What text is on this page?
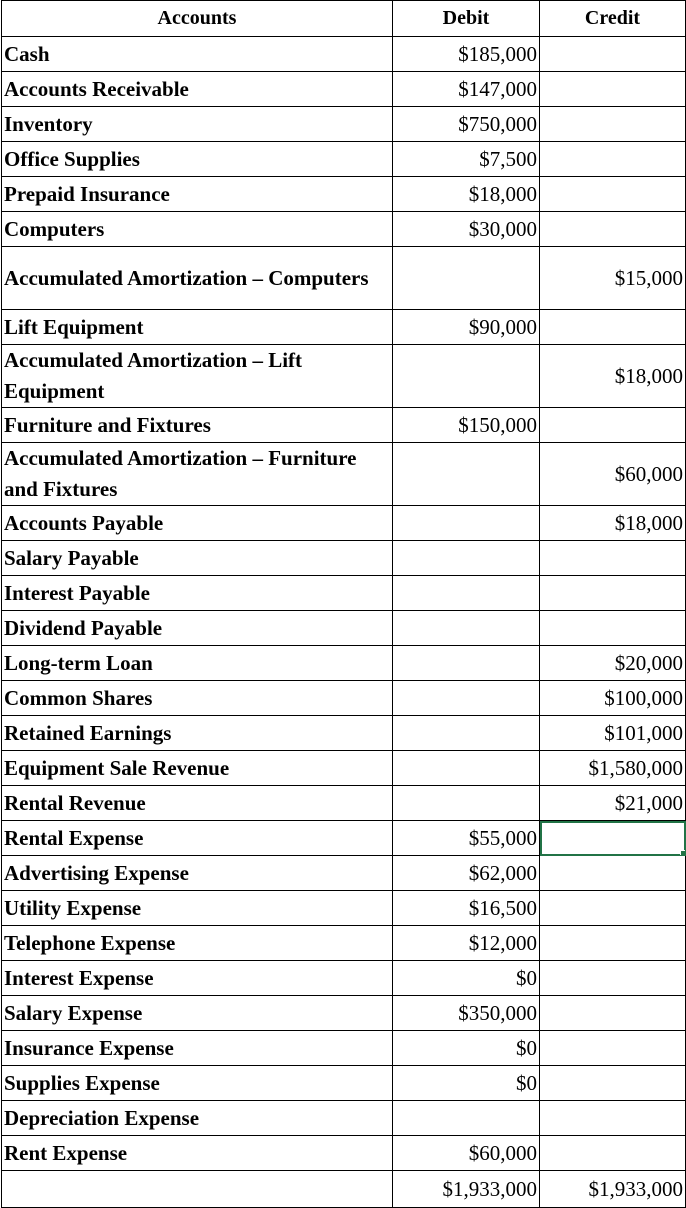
Accounts	Debit	Credit
Cash	$185,000	
Accounts Receivable	$147,000	
Inventory	$750,000	
Office Supplies	$7,500	
Prepaid Insurance	$18,000	
Computers	$30,000	
Accumulated Amortization – Computers		$15,000
Lift Equipment	$90,000	
Accumulated Amortization – Lift Equipment		$18,000
Furniture and Fixtures	$150,000	
Accumulated Amortization – Furniture and Fixtures		$60,000
Accounts Payable		$18,000
Salary Payable		
Interest Payable		
Dividend Payable		
Long-term Loan		$20,000
Common Shares		$100,000
Retained Earnings		$101,000
Equipment Sale Revenue		$1,580,000
Rental Revenue		$21,000
Rental Expense	$55,000	
Advertising Expense	$62,000	
Utility Expense	$16,500	
Telephone Expense	$12,000	
Interest Expense	$0	
Salary Expense	$350,000	
Insurance Expense	$0	
Supplies Expense	$0	
Depreciation Expense		
Rent Expense	$60,000	
	$1,933,000	$1,933,000
